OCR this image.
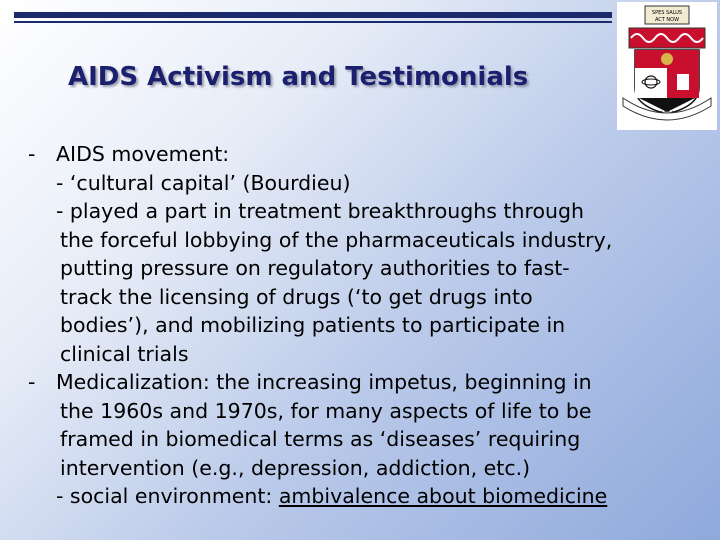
AIDS Activism and Testimonials
SPES SALUS
ACT NOW
* * * * * *
- AIDS movement:
- ‘cultural capital’ (Bourdieu)
- played a part in treatment breakthroughs through
the forceful lobbying of the pharmaceuticals industry,
putting pressure on regulatory authorities to fast-
track the licensing of drugs (‘to get drugs into
bodies’), and mobilizing patients to participate in
clinical trials
- Medicalization: the increasing impetus, beginning in
the 1960s and 1970s, for many aspects of life to be
framed in biomedical terms as ‘diseases’ requiring
intervention (e.g., depression, addiction, etc.)
- social environment: ambivalence about biomedicine
